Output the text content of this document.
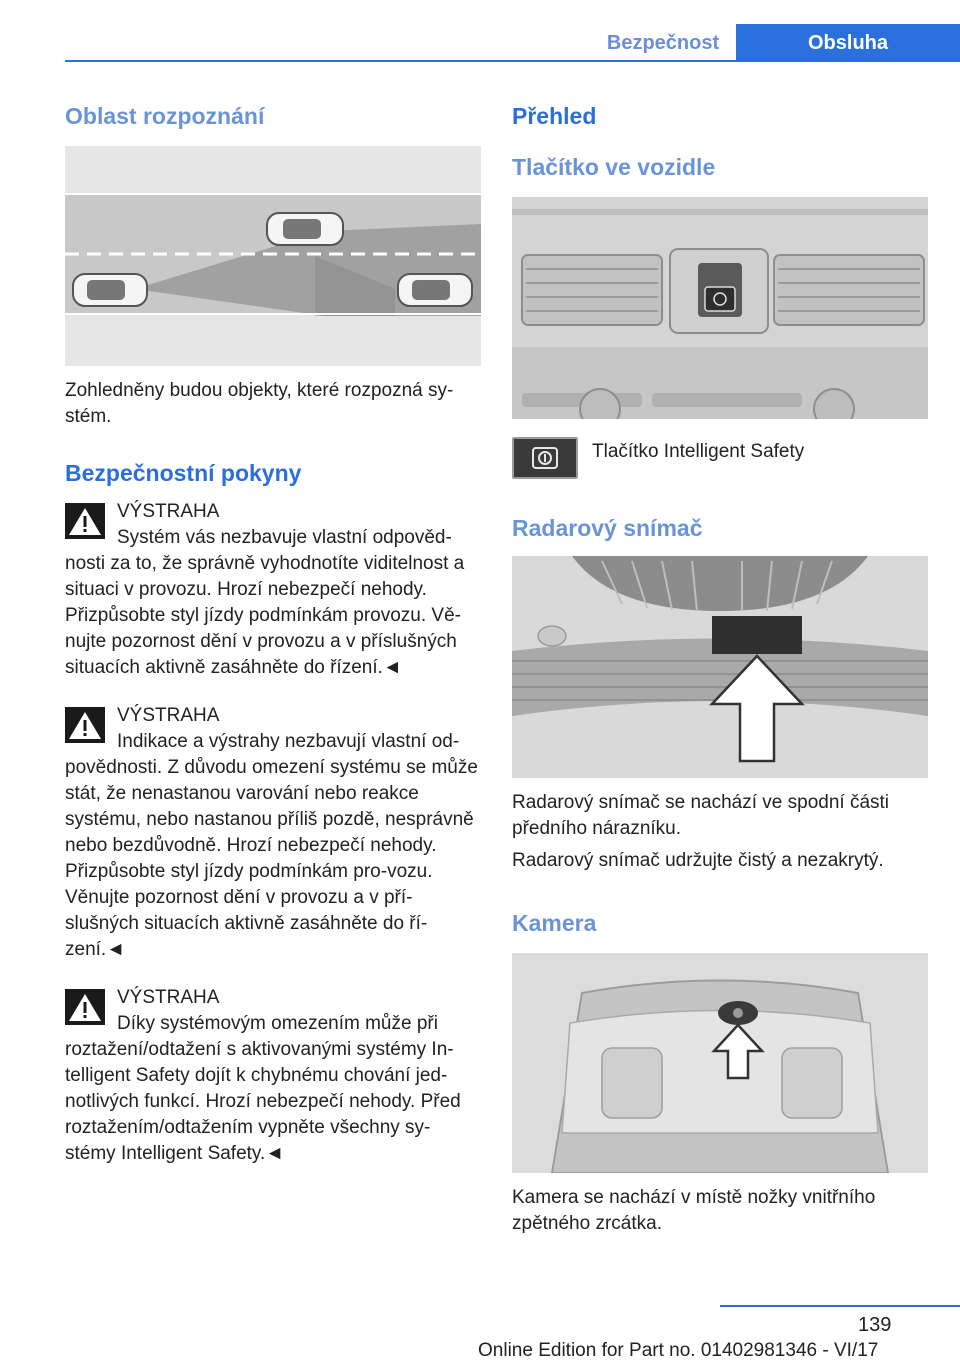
Bezpečnost	Obsluha
Oblast rozpoznání

Zohledněny budou objekty, které rozpozná sy-stém.

Bezpečnostní pokyny
VÝSTRAHA

Systém vás nezbavuje vlastní odpověd-nosti za to, že správně vyhodnotíte viditelnost a situaci v provozu. Hrozí nebezpečí nehody. Přizpůsobte styl jízdy podmínkám provozu. Vě-nujte pozornost dění v provozu a v příslušných situacích aktivně zasáhněte do řízení.◄

VÝSTRAHA

Indikace a výstrahy nezbavují vlastní od-povědnosti. Z důvodu omezení systému se může stát, že nenastanou varování nebo reakce systému, nebo nastanou příliš pozdě, nesprávně nebo bezdůvodně. Hrozí nebezpečí nehody. Přizpůsobte styl jízdy podmínkám pro-vozu. Věnujte pozornost dění v provozu a v pří-slušných situacích aktivně zasáhněte do ří-zení.◄

VÝSTRAHA

Díky systémovým omezením může při roztažení/odtažení s aktivovanými systémy In-telligent Safety dojít k chybnému chování jed-notlivých funkcí. Hrozí nebezpečí nehody. Před roztažením/odtažením vypněte všechny sy-stémy Intelligent Safety.◄

Přehled
Tlačítko ve vozidle

Tlačítko Intelligent Safety

Radarový snímač

Radarový snímač se nachází ve spodní části předního nárazníku.

Radarový snímač udržujte čistý a nezakrytý.

Kamera

Kamera se nachází v místě nožky vnitřního zpětného zrcátka.

139
Online Edition for Part no. 01402981346 - VI/17
